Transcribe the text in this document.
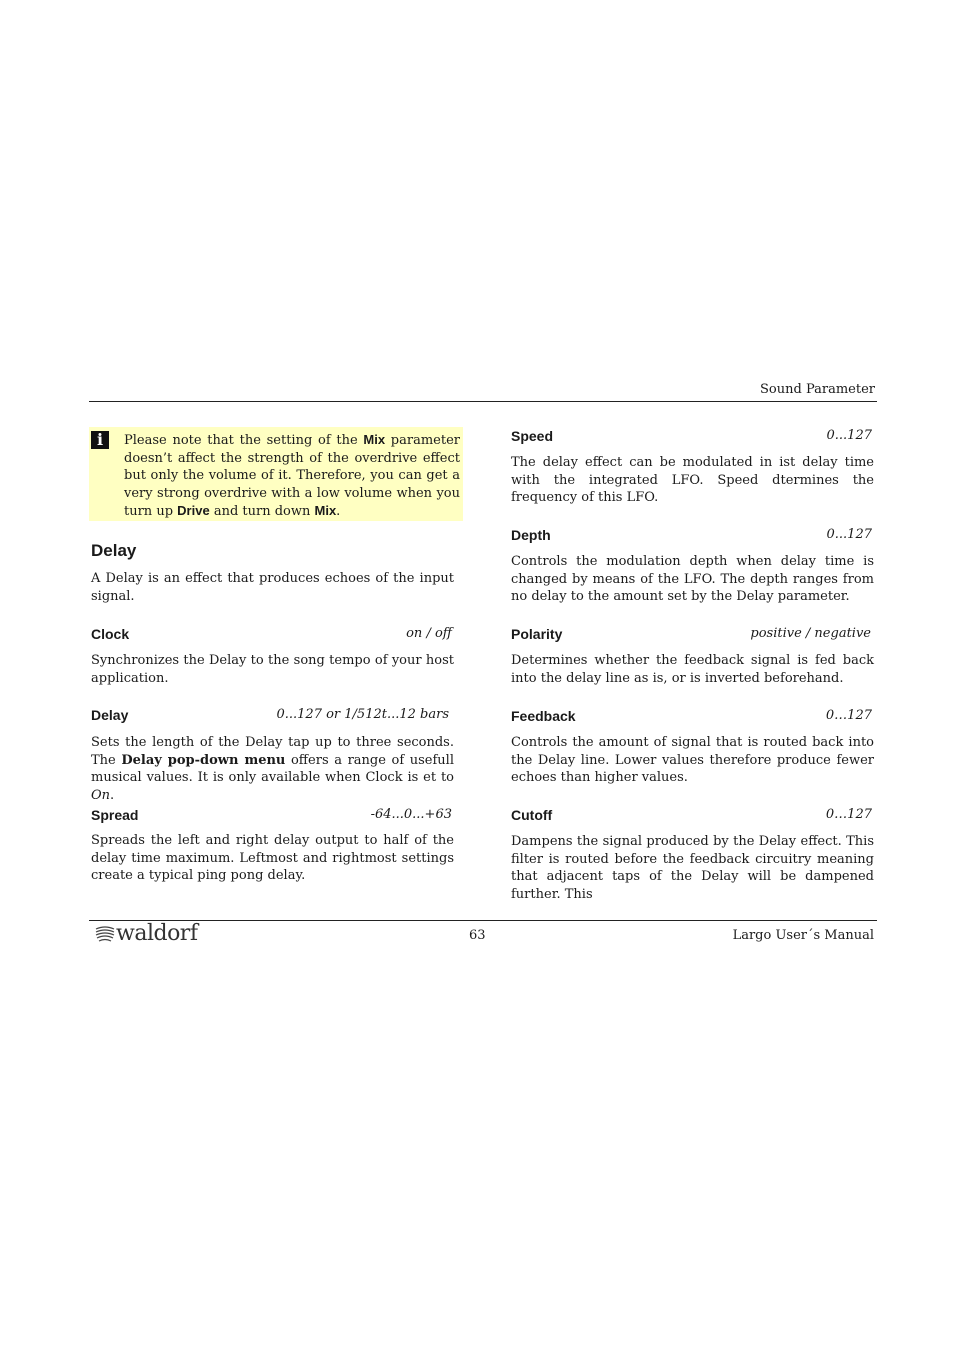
Sound Parameter
i	Please note that the setting of the Mix parameter doesn’t affect the strength of the overdrive effect but only the volume of it. Therefore, you can get a very strong overdrive with a low volume when you turn up Drive and turn down Mix.
Delay
A Delay is an effect that produces echoes of the input signal.
Clock	on / off
Synchronizes the Delay to the song tempo of your host application.
Delay	0...127 or 1/512t...12 bars
Sets the length of the Delay tap up to three seconds. The Delay pop-down menu offers a range of usefull musical values. It is only available when Clock is et to On.
Spread	-64...0...+63
Spreads the left and right delay output to half of the delay time maximum. Leftmost and rightmost settings create a typical ping pong delay.
Speed	0...127
The delay effect can be modulated in ist delay time with the integrated LFO. Speed dtermines the frequency of this LFO.
Depth	0...127
Controls the modulation depth when delay time is changed by means of the LFO. The depth ranges from no delay to the amount set by the Delay parameter.
Polarity	positive / negative
Determines whether the feedback signal is fed back into the delay line as is, or is inverted beforehand.
Feedback	0…127
Controls the amount of signal that is routed back into the Delay line. Lower values therefore produce fewer echoes than higher values.
Cutoff	0…127
Dampens the signal produced by the Delay effect. This filter is routed before the feedback circuitry meaning that adjacent taps of the Delay will be dampened further. This
waldorf	63	Largo User´s Manual
